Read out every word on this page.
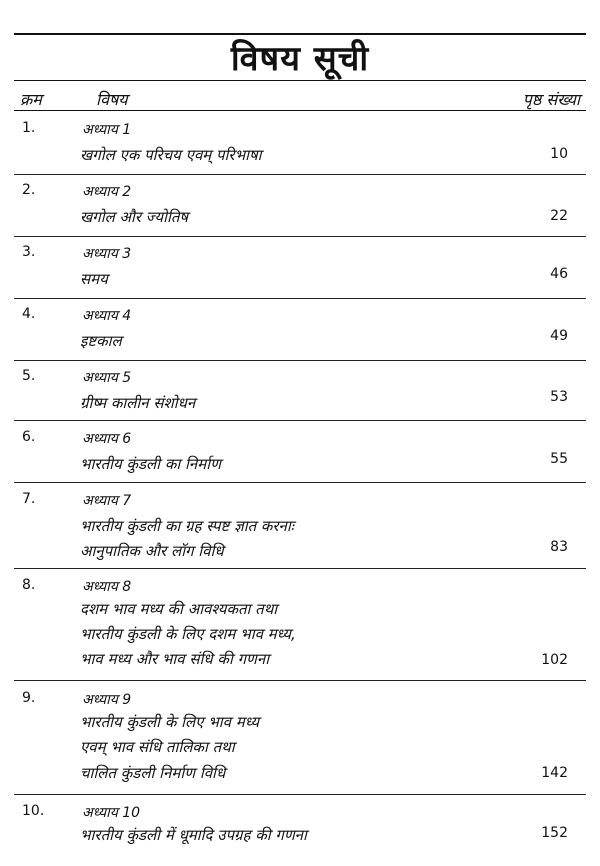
विषय सूची
क्रम	विषय	पृष्ठ संख्या
1.	अध्याय 1
खगोल एक परिचय एवम् परिभाषा	10
2.	अध्याय 2
खगोल और ज्योतिष	22
3.	अध्याय 3
समय	46
4.	अध्याय 4
इष्टकाल	49
5.	अध्याय 5
ग्रीष्म कालीन संशोधन	53
6.	अध्याय 6
भारतीय कुंडली का निर्माण	55
7.	अध्याय 7
भारतीय कुंडली का ग्रह स्पष्ट ज्ञात करनाः
आनुपातिक और लॉग विधि	83
8.	अध्याय 8
दशम भाव मध्य की आवश्यकता तथा
भारतीय कुंडली के लिए दशम भाव मध्य,
भाव मध्य और भाव संधि की गणना	102
9.	अध्याय 9
भारतीय कुंडली के लिए भाव मध्य
एवम् भाव संधि तालिका तथा
चालित कुंडली निर्माण विधि	142
10.	अध्याय 10
भारतीय कुंडली में धूमादि उपग्रह की गणना	152
